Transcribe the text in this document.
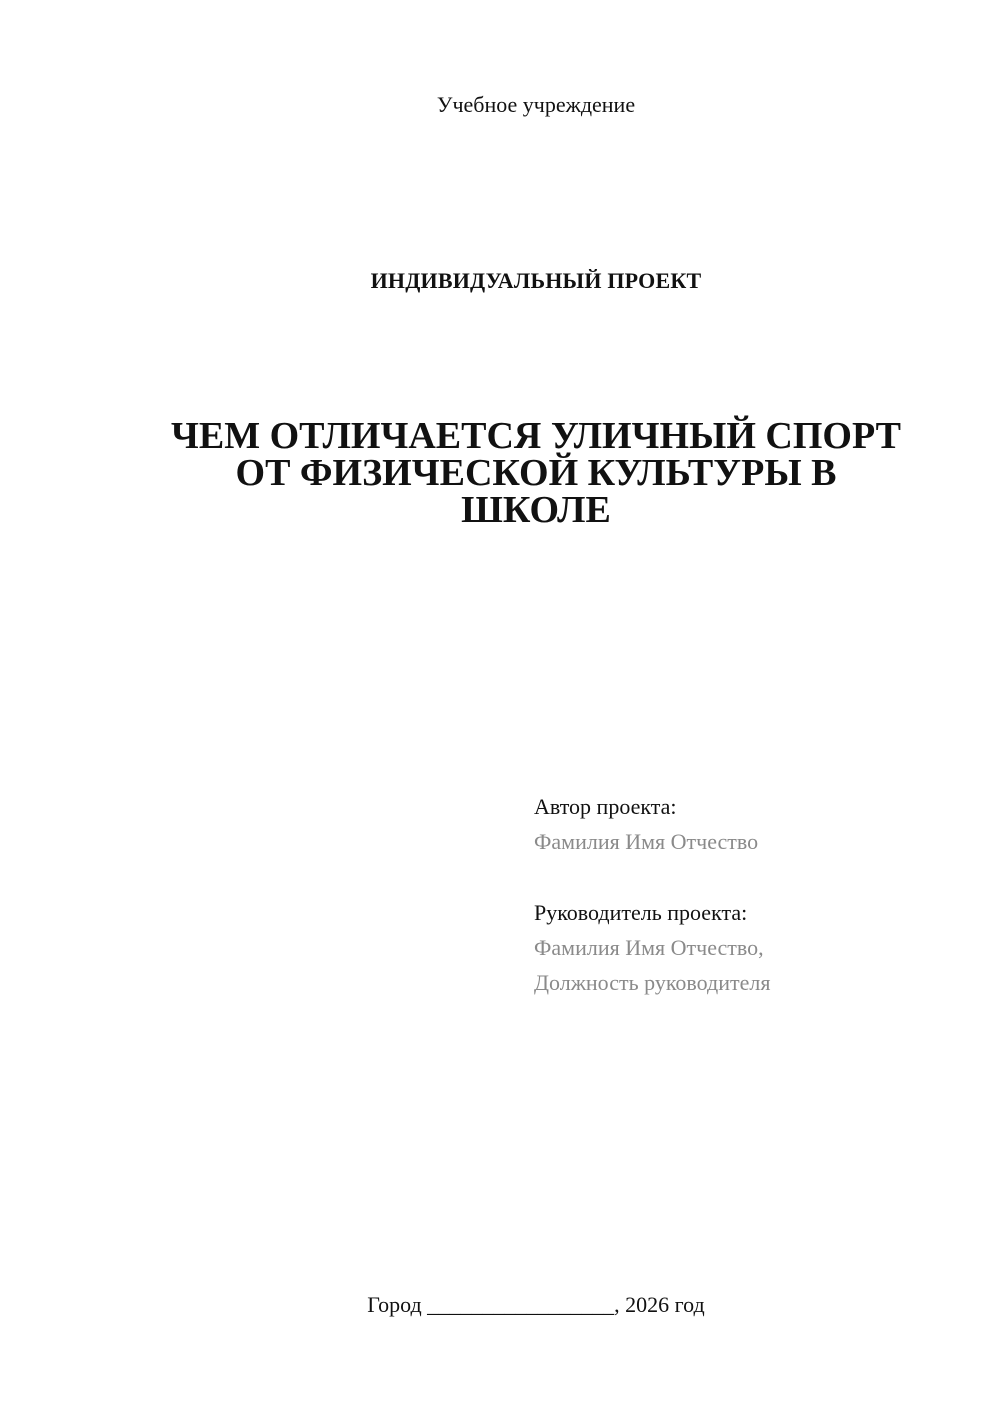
Учебное учреждение
ИНДИВИДУАЛЬНЫЙ ПРОЕКТ
ЧЕМ ОТЛИЧАЕТСЯ УЛИЧНЫЙ СПОРТ
ОТ ФИЗИЧЕСКОЙ КУЛЬТУРЫ В
ШКОЛЕ
Автор проекта:
Фамилия Имя Отчество
Руководитель проекта:
Фамилия Имя Отчество,
Должность руководителя
Город _________________, 2026 год
